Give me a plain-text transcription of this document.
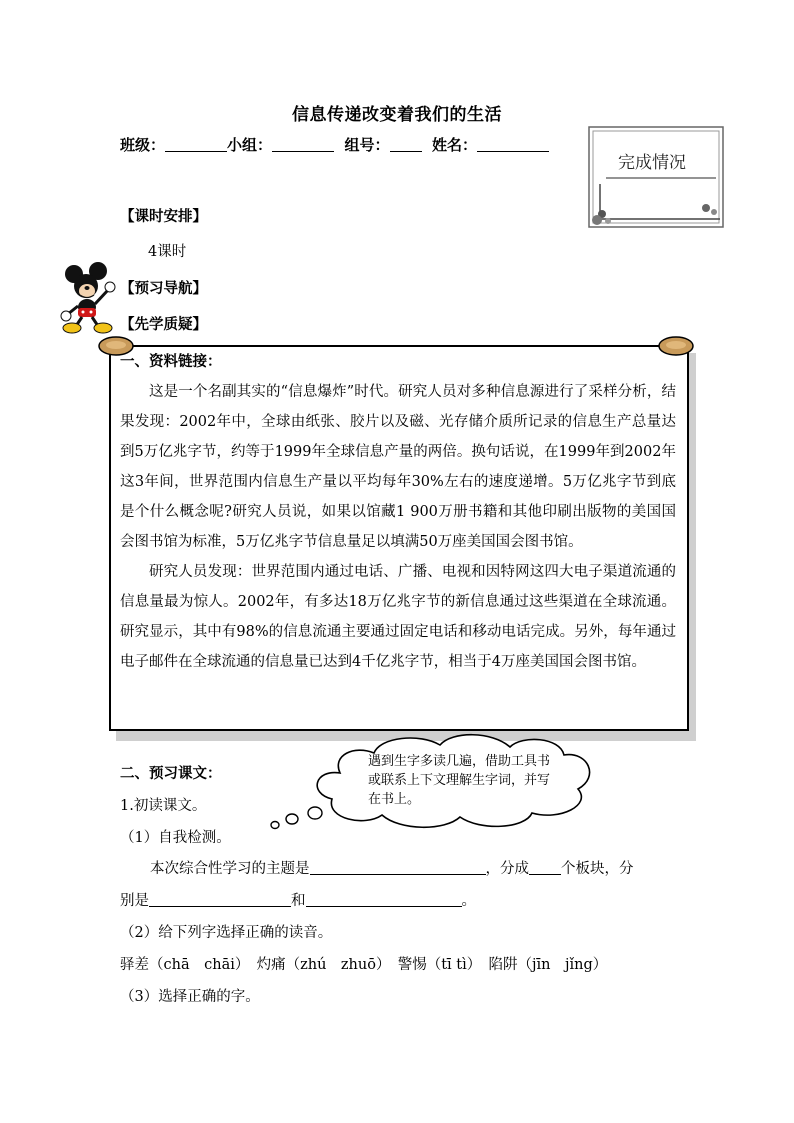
信息传递改变着我们的生活
班级：	小组：	组号：	姓名：
完成情况
【课时安排】
4课时
【预习导航】
【先学质疑】

一、资料链接：

这是一个名副其实的“信息爆炸”时代。研究人员对多种信息源进行了采样分析，结果发现：2002年中，全球由纸张、胶片以及磁、光存储介质所记录的信息生产总量达到5万亿兆字节，约等于1999年全球信息产量的两倍。换句话说，在1999年到2002年这3年间，世界范围内信息生产量以平均每年30%左右的速度递增。5万亿兆字节到底是个什么概念呢?研究人员说，如果以馆藏1 900万册书籍和其他印刷出版物的美国国会图书馆为标准，5万亿兆字节信息量足以填满50万座美国国会图书馆。

研究人员发现：世界范围内通过电话、广播、电视和因特网这四大电子渠道流通的信息量最为惊人。2002年，有多达18万亿兆字节的新信息通过这些渠道在全球流通。研究显示，其中有98%的信息流通主要通过固定电话和移动电话完成。另外，每年通过电子邮件在全球流通的信息量已达到4千亿兆字节，相当于4万座美国国会图书馆。

遇到生字多读几遍，借助工具书或联系上下文理解生字词，并写在书上。
二、预习课文：
1.初读课文。
（1）自我检测。
本次综合性学习的主题是	，分成 个板块，分
别是	和	。
（2）给下列字选择正确的读音。
驿差（chā　chāi）　灼痛（zhú　zhuō）　警惕（tī tì）　陷阱（jīn　jǐng）
（3）选择正确的字。
